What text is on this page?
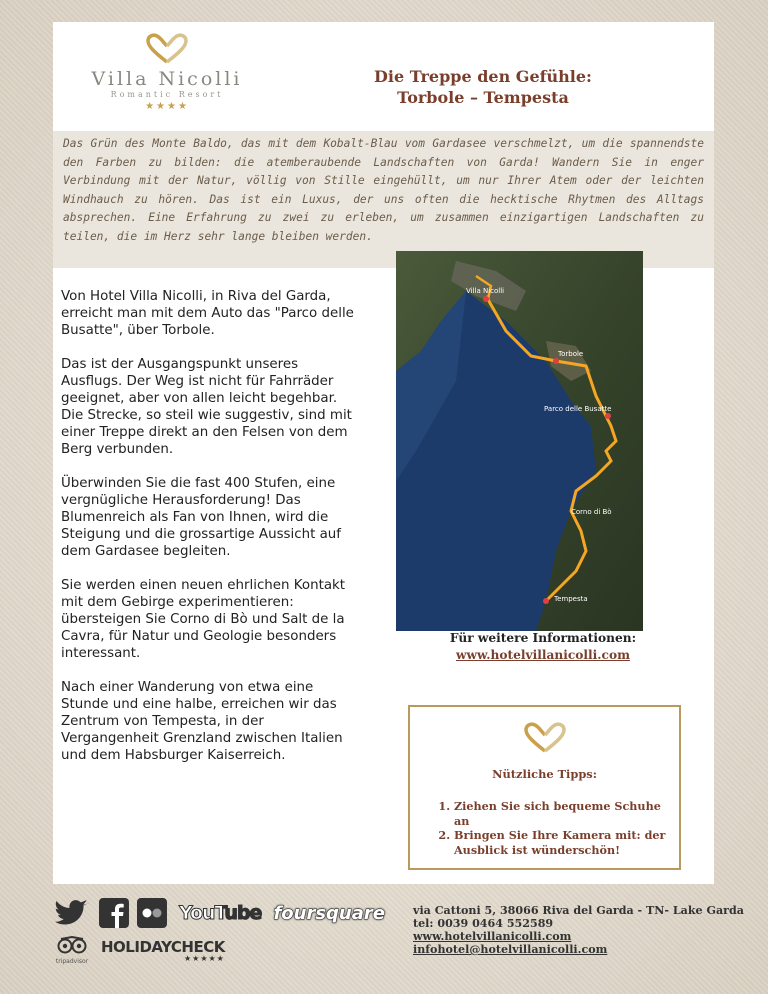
Villa Nicolli
Romantic Resort
★★★★
Die Treppe den Gefühle:
Torbole – Tempesta
Das Grün des Monte Baldo, das mit dem Kobalt-Blau vom Gardasee verschmelzt, um die spannendste den Farben zu bilden: die atemberaubende Landschaften von Garda! Wandern Sie in enger Verbindung mit der Natur, völlig von Stille eingehüllt, um nur Ihrer Atem oder der leichten Windhauch zu hören. Das ist ein Luxus, der uns often die hecktische Rhytmen des Alltags absprechen. Eine Erfahrung zu zwei zu erleben, um zusammen einzigartigen Landschaften zu teilen, die im Herz sehr lange bleiben werden.

Von Hotel Villa Nicolli, in Riva del Garda, erreicht man mit dem Auto das "Parco delle Busatte", über Torbole.

Das ist der Ausgangspunkt unseres Ausflugs. Der Weg ist nicht für Fahrräder geeignet, aber von allen leicht begehbar. Die Strecke, so steil wie suggestiv, sind mit einer Treppe direkt an den Felsen von dem Berg verbunden.

Überwinden Sie die fast 400 Stufen, eine vergnügliche Herausforderung! Das Blumenreich als Fan von Ihnen, wird die Steigung und die grossartige Aussicht auf dem Gardasee begleiten.

Sie werden einen neuen ehrlichen Kontakt mit dem Gebirge experimentieren: übersteigen Sie Corno di Bò und Salt de la Cavra, für Natur und Geologie besonders interessant.

Nach einer Wanderung von etwa eine Stunde und eine halbe, erreichen wir das Zentrum von Tempesta, in der Vergangenheit Grenzland zwischen Italien und dem Habsburger Kaiserreich.

Villa Nicolli
Torbole
Parco delle Busatte
Corno di Bò
Tempesta
Für weitere Informationen:
www.hotelvillanicolli.com
Nützliche Tipps:
1. Ziehen Sie sich bequeme Schuhe an
2. Bringen Sie Ihre Kamera mit: der Ausblick ist wünderschön!
YouTube foursquare
tripadvisor
HOLIDAYCHECK
★★★★★
via Cattoni 5, 38066 Riva del Garda - TN- Lake Garda
tel: 0039 0464 552589
www.hotelvillanicolli.com
infohotel@hotelvillanicolli.com
